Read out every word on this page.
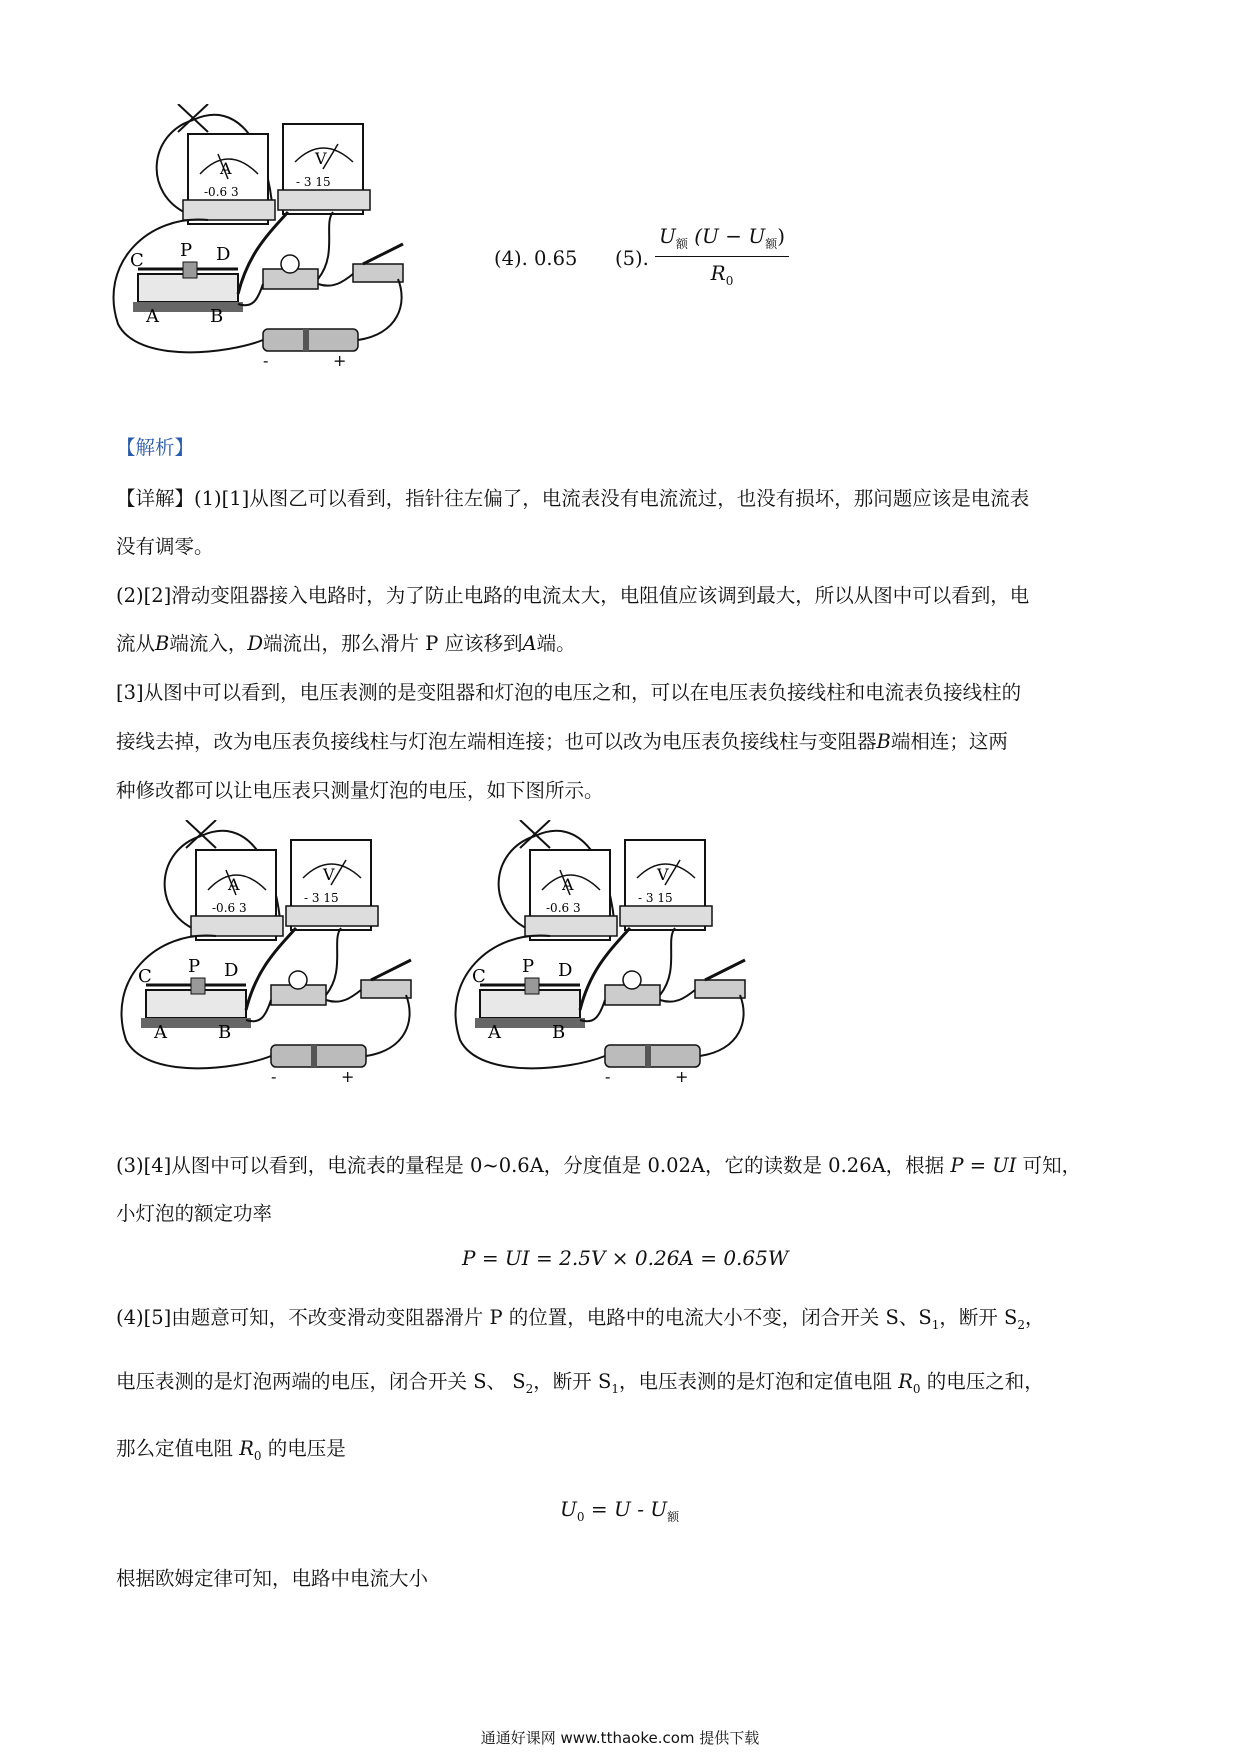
C P D
A	B
A
V
-0.6 3
- 3 15
-	+
(4). 0.65 (5).
$U_额$ $(U - U_额)$
$R_0$
【解析】
【详解】(1)[1]从图乙可以看到，指针往左偏了，电流表没有电流流过，也没有损坏，那问题应该是电流表
没有调零。
(2)[2]滑动变阻器接入电路时，为了防止电路的电流太大，电阻值应该调到最大，所以从图中可以看到，电
流从B端流入，D端流出，那么滑片 P 应该移到A端。
[3]从图中可以看到，电压表测的是变阻器和灯泡的电压之和，可以在电压表负接线柱和电流表负接线柱的
接线去掉，改为电压表负接线柱与灯泡左端相连接；也可以改为电压表负接线柱与变阻器B端相连；这两
种修改都可以让电压表只测量灯泡的电压，如下图所示。
C P D
A	B
A
V
-0.6 3
- 3 15
-	+
C P D
A	B
A
V
-0.6 3
- 3 15
-	+
(3)[4]从图中可以看到，电流表的量程是 0~0.6A，分度值是 0.02A，它的读数是 0.26A，根据 P = UI 可知，
小灯泡的额定功率
P = UI = 2.5V × 0.26A = 0.65W
(4)[5]由题意可知，不改变滑动变阻器滑片 P 的位置，电路中的电流大小不变，闭合开关 S、$S_1$，断开 $S_2$，
电压表测的是灯泡两端的电压，闭合开关 S、 $S_2$，断开 $S_1$，电压表测的是灯泡和定值电阻 $R_0$ 的电压之和，
那么定值电阻 $R_0$ 的电压是
$U_0 = U - U_额$
根据欧姆定律可知，电路中电流大小
通通好课网 www.tthaoke.com 提供下载
